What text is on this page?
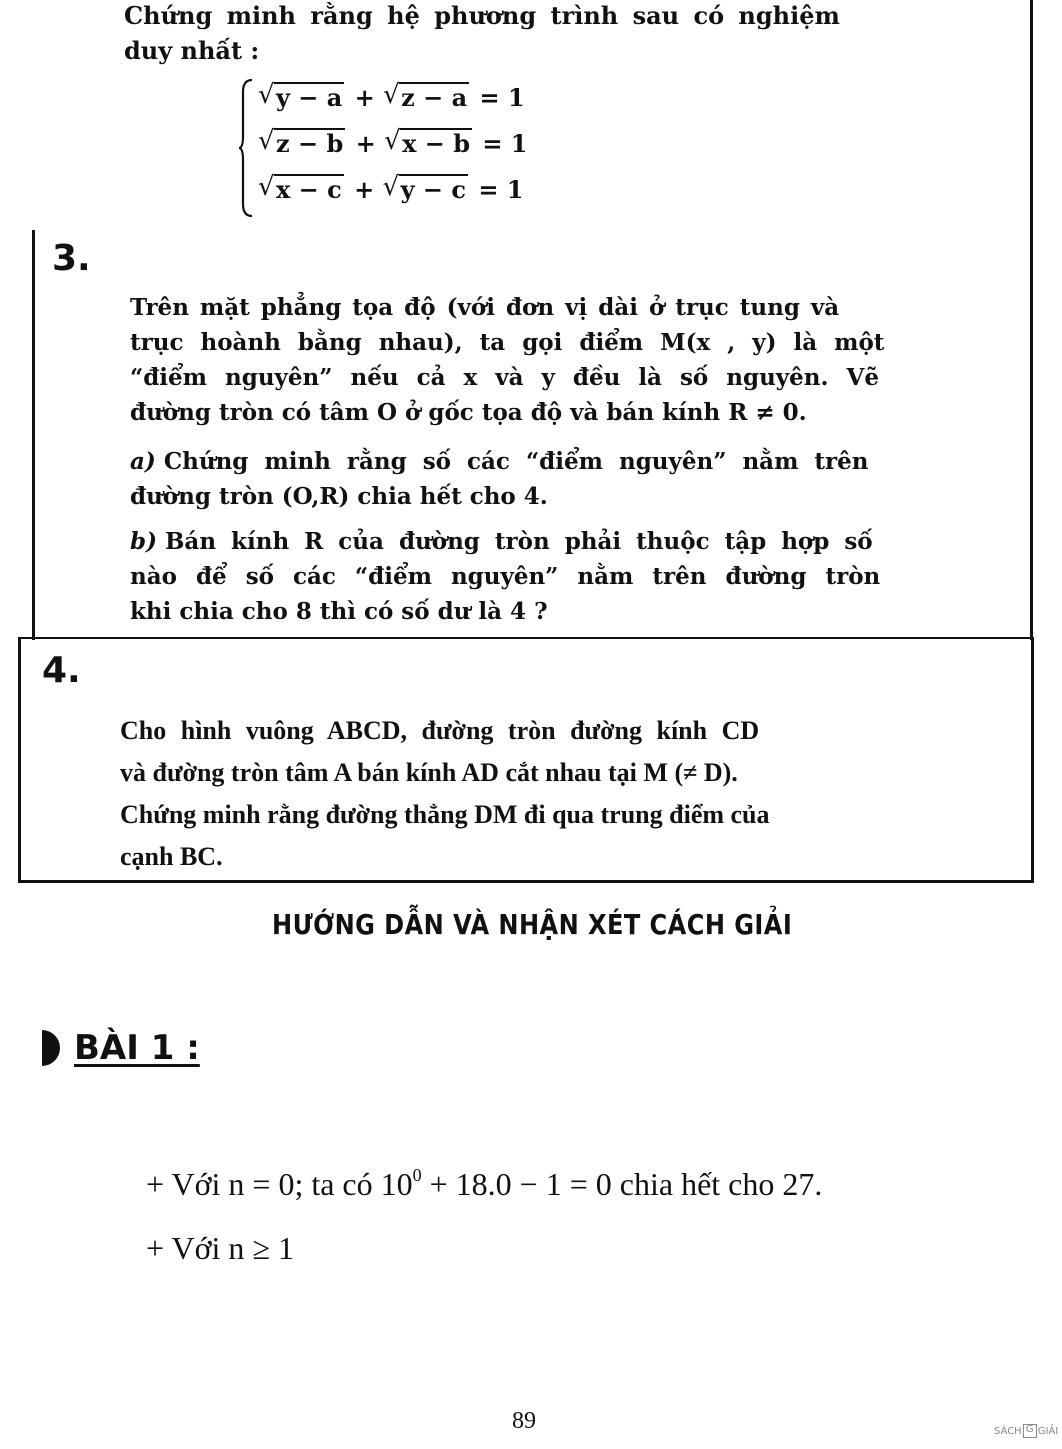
Chứng minh rằng hệ phương trình sau có nghiệm
duy nhất :
√ y − a + √ z − a = 1
√ z − b + √ x − b = 1
√ x − c + √ y − c = 1
3.
Trên mặt phẳng tọa độ (với đơn vị dài ở trục tung và
trục hoành bằng nhau), ta gọi điểm M(x , y) là một
“điểm nguyên” nếu cả x và y đều là số nguyên. Vẽ
đường tròn có tâm O ở gốc tọa độ và bán kính R ≠ 0.
a) Chứng minh rằng số các “điểm nguyên” nằm trên
đường tròn (O,R) chia hết cho 4.
b) Bán kính R của đường tròn phải thuộc tập hợp số
nào để số các “điểm nguyên” nằm trên đường tròn
khi chia cho 8 thì có số dư là 4 ?
4.
Cho hình vuông ABCD, đường tròn đường kính CD
và đường tròn tâm A bán kính AD cắt nhau tại M (≠ D).
Chứng minh rằng đường thẳng DM đi qua trung điểm của
cạnh BC.
HƯỚNG DẪN VÀ NHẬN XÉT CÁCH GIẢI
BÀI 1 :
+ Với n = 0; ta có $10^0 + 18.0 - 1 = 0$ chia hết cho 27.
+ Với n ≥ 1
89	SÁCH
G GIẢI
